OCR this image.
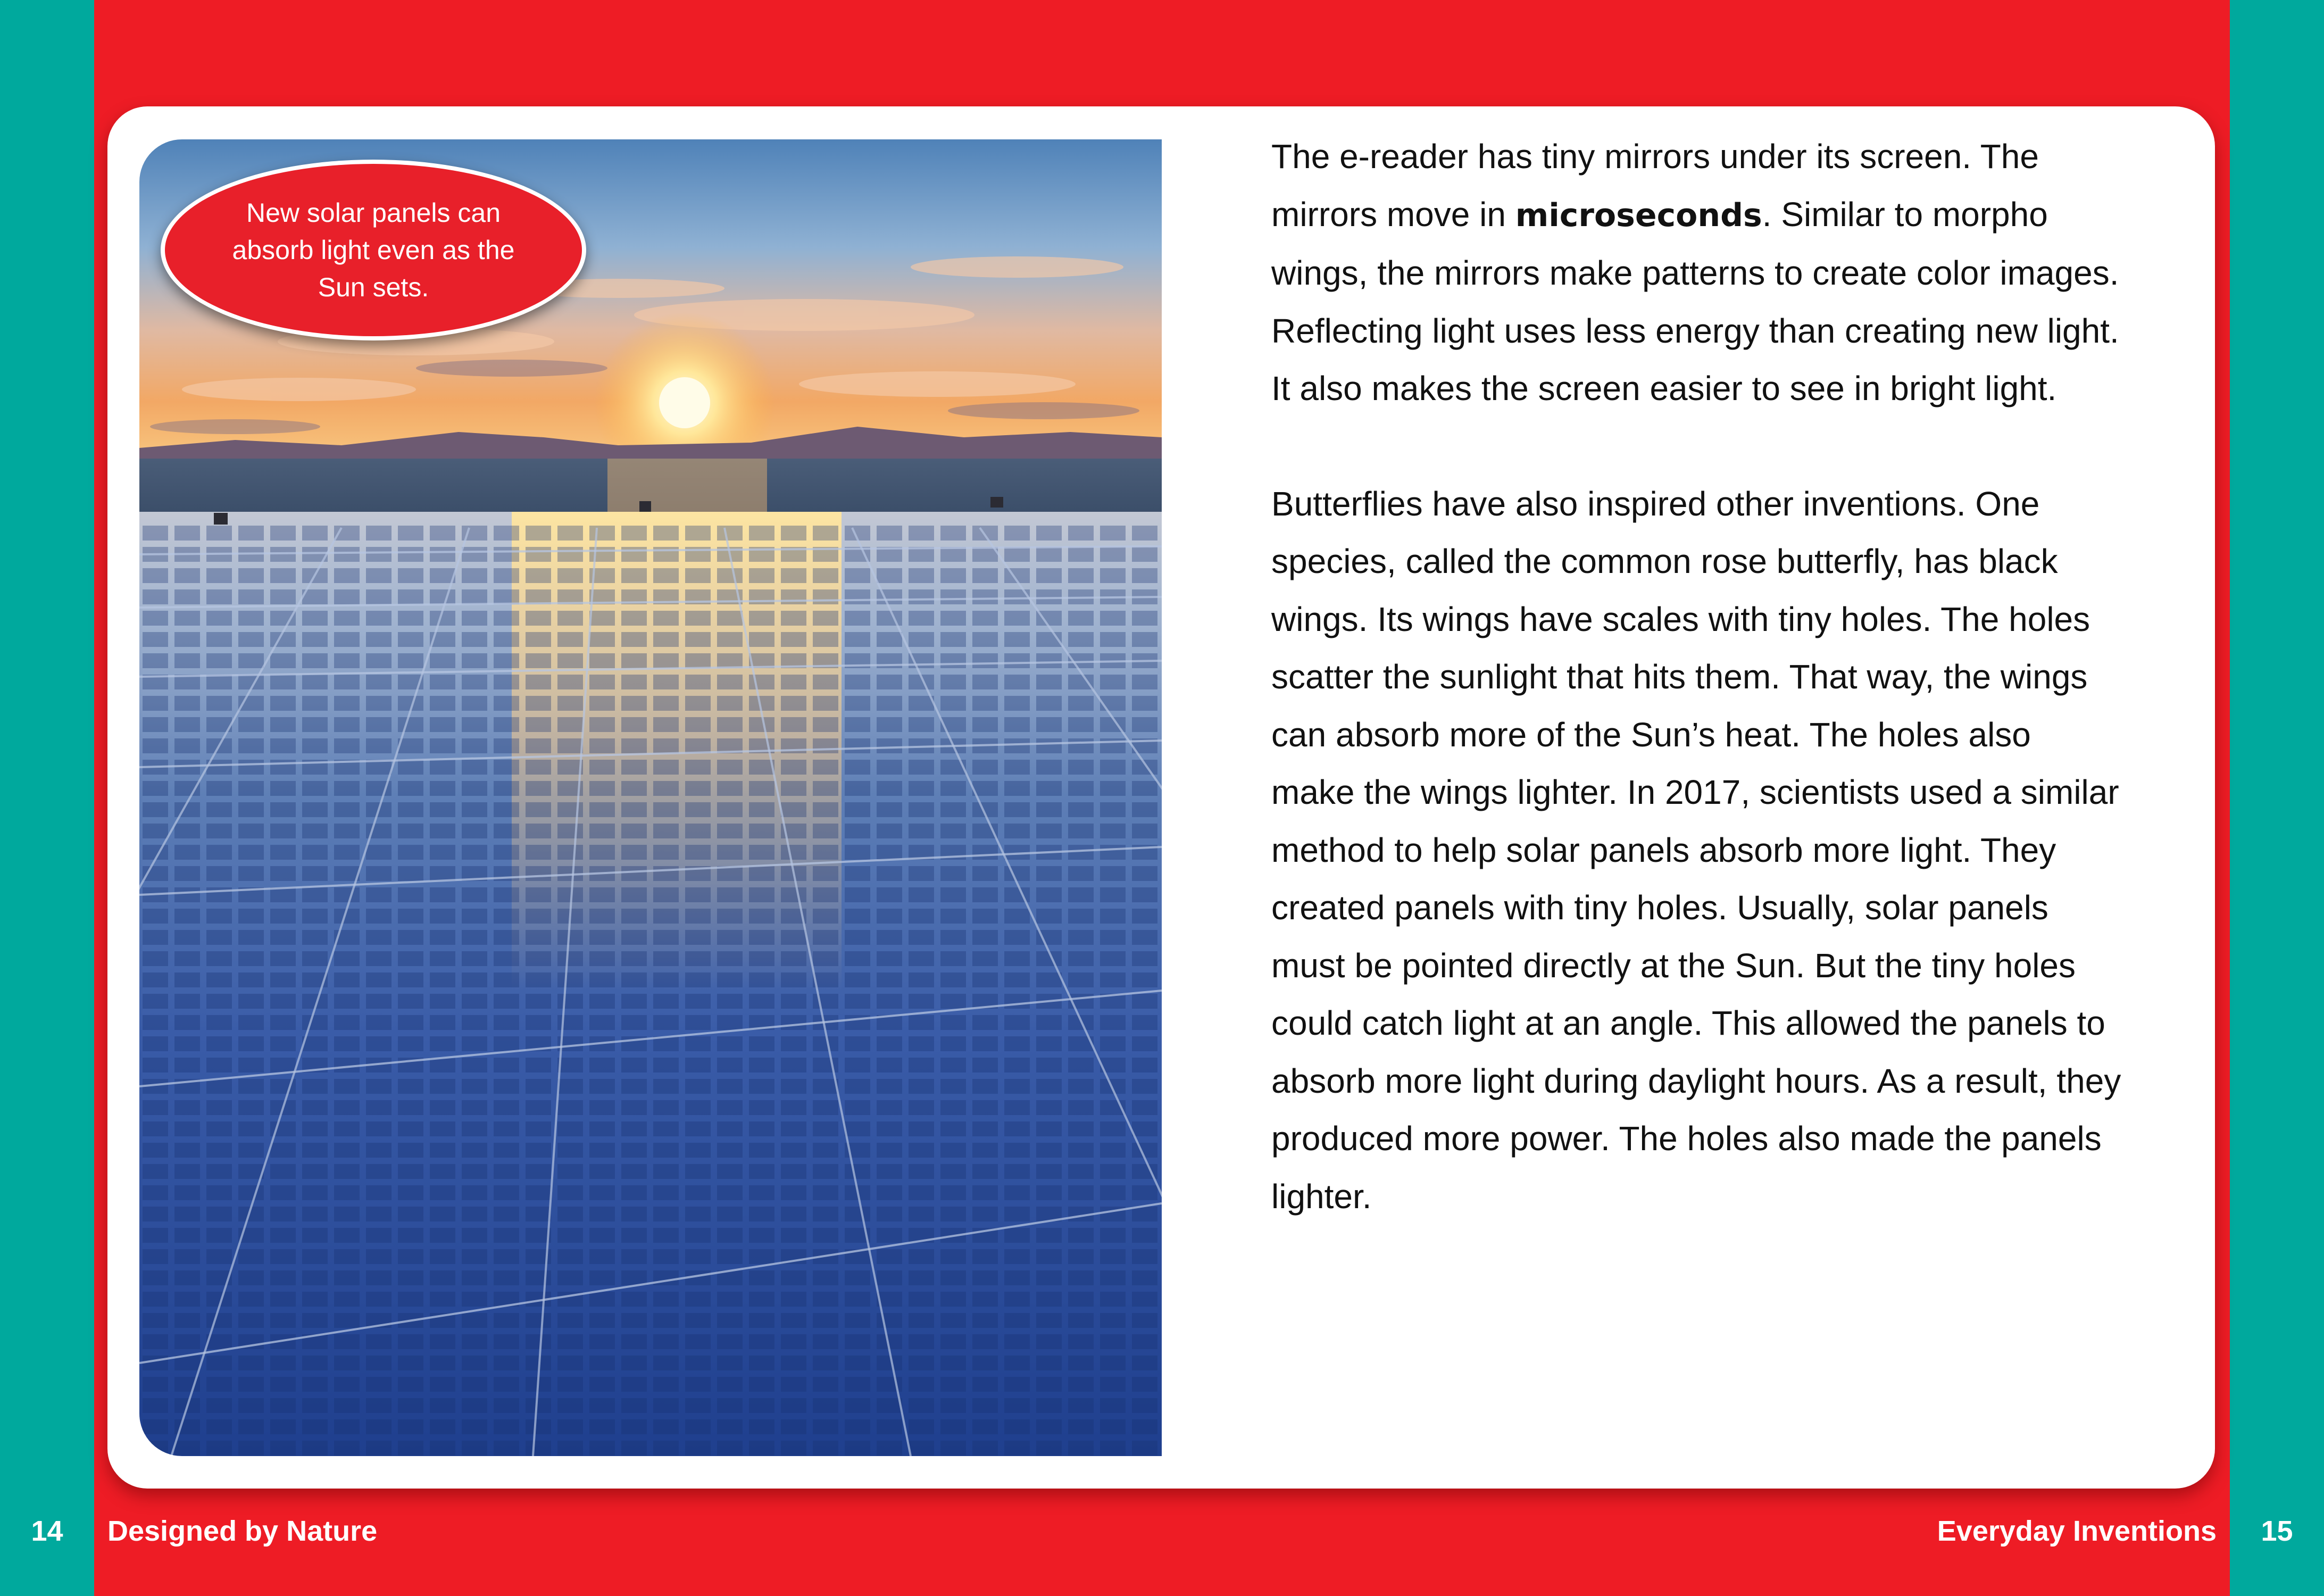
New solar panels can
absorb light even as the
Sun sets.

The e-reader has tiny mirrors under its screen. The mirrors move in microseconds. Similar to morpho wings, the mirrors make patterns to create color images. Reflecting light uses less energy than creating new light. It also makes the screen easier to see in bright light.

Butterflies have also inspired other inventions. One species, called the common rose butterfly, has black wings. Its wings have scales with tiny holes. The holes scatter the sunlight that hits them. That way, the wings can absorb more of the Sun’s heat. The holes also make the wings lighter. In 2017, scientists used a similar method to help solar panels absorb more light. They created panels with tiny holes. Usually, solar panels must be pointed directly at the Sun. But the tiny holes could catch light at an angle. This allowed the panels to absorb more light during daylight hours. As a result, they produced more power. The holes also made the panels lighter.

14	Designed by Nature	Everyday Inventions	15
